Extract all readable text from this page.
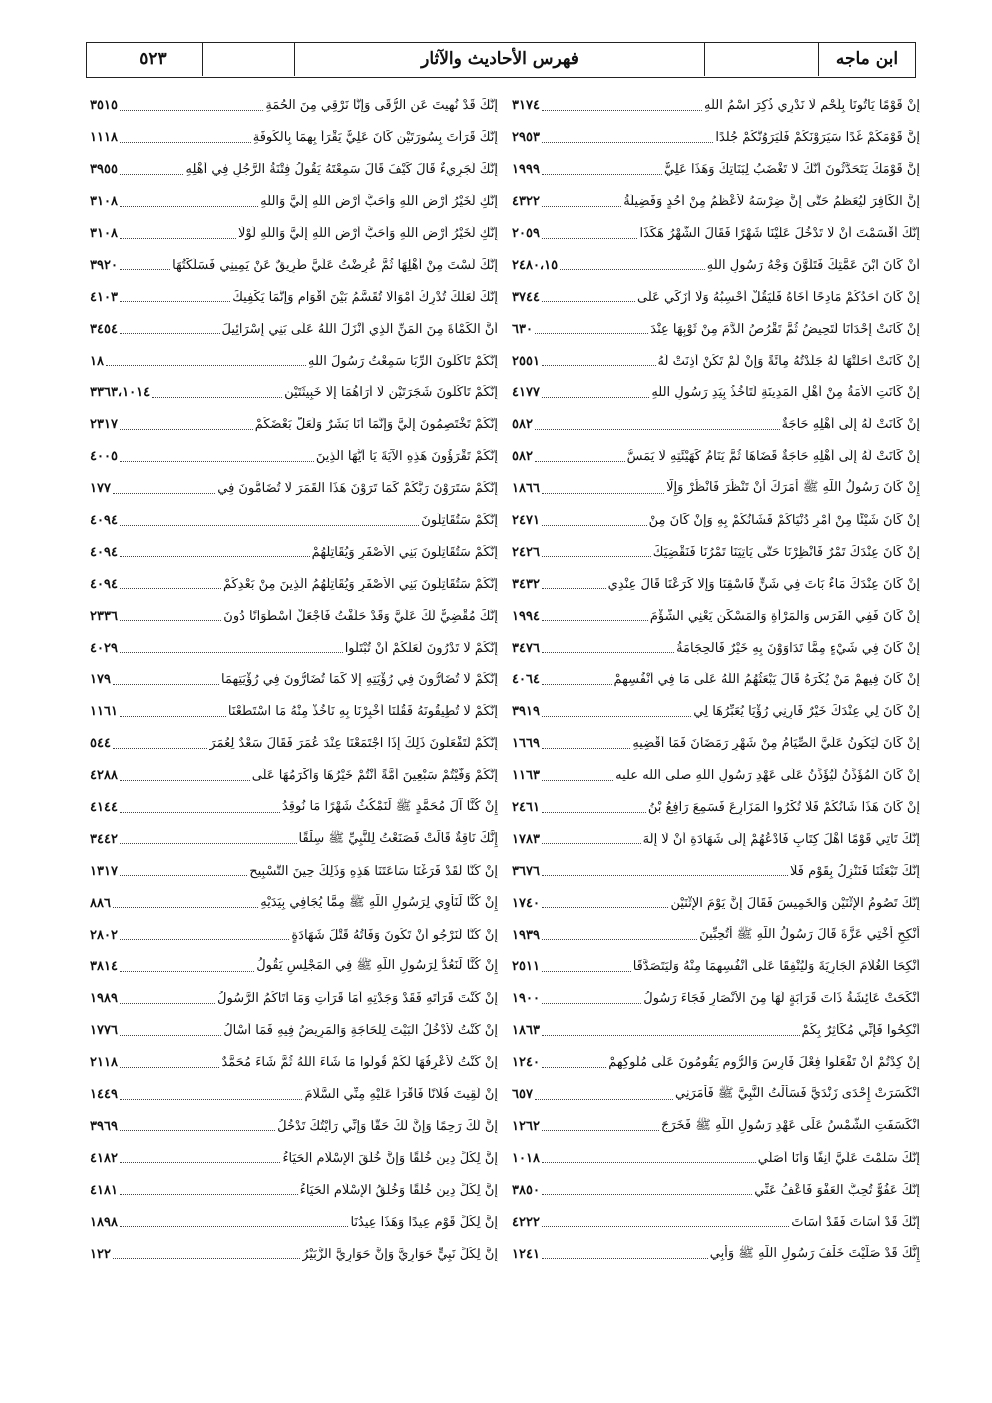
ابن ماجه
فهرس الأحاديث والآثار
٥٢٣
إِنْ قَوْمًا يَأْتُونَا بِلَحْمٍ لَا نَدْرِي ذُكِرَ اسْمُ اللَّهِ
٣١٧٤
إِنَّ قَوْمَكُمْ غَدًا سَيَرَوْنَكُمْ فَلَيَرَوُنَّكُمْ جُلْدًا
٢٩٥٣
إِنَّ قَوْمَكَ يَتَحَدَّثُونَ أَنَّكَ لَا تَغْضَبُ لِبَنَاتِكَ وَهَذَا عَلِيٌّ
١٩٩٩
إِنَّ الكَافِرَ لَيُعَظَّمُ حَتَّى إِنَّ ضِرْسَهُ لَأَعْظَمُ مِنْ أُحُدٍ وَفَضِيلَةُ
٤٣٢٢
إِنَّكَ أَقْسَمْتَ أَنْ لَا تَدْخُلَ عَلَيْنَا شَهْرًا فَقَالَ الشَّهْرُ هَكَذَا
٢٠٥٩
أَنْ كَانَ ابْنَ عَمَّتِكَ فَتَلَوَّنَ وَجْهُ رَسُولِ اللَّهِ
٢٤٨٠،١٥
إِنْ كَانَ أَحَدُكُمْ مَادِحًا أَخَاهُ فَلْيَقُلْ أَحْسِبُهُ وَلَا أُزَكِّي عَلَى
٣٧٤٤
إِنْ كَانَتْ إِحْدَانَا لَتَحِيضُ ثُمَّ تَقْرُصُ الدَّمَ مِنْ ثَوْبِهَا عِنْدَ
٦٣٠
إِنْ كَانَتْ أَحَلَّتْهَا لَهُ جَلَدْتُهُ مِائَةً وَإِنْ لَمْ تَكُنْ أَذِنَتْ لَهُ
٢٥٥١
إِنْ كَانَتِ الأَمَةُ مِنْ أَهْلِ المَدِينَةِ لَتَأْخُذُ بِيَدِ رَسُولِ اللَّهِ
٤١٧٧
إِنْ كَانَتْ لَهُ إِلَى أَهْلِهِ حَاجَةٌ
٥٨٢
إِنْ كَانَتْ لَهُ إِلَى أَهْلِهِ حَاجَةٌ قَضَاهَا ثُمَّ يَنَامُ كَهَيْئَتِهِ لَا يَمَسُّ
٥٨٢
إِنْ كَانَ رَسُولُ اللَّهِ ﷺ أَمَرَكَ أَنْ تَنْظُرَ فَانْظُرْ وَإِلَّا
١٨٦٦
إِنْ كَانَ شَيْئًا مِنْ أَمْرِ دُنْيَاكُمْ فَشَأْنُكُمْ بِهِ وَإِنْ كَانَ مِنْ
٢٤٧١
إِنْ كَانَ عِنْدَكَ تَمْرٌ فَأَنْظِرْنَا حَتَّى يَأْتِيَنَا تَمْرُنَا فَنَقْضِيَكَ
٢٤٢٦
إِنْ كَانَ عِنْدَكَ مَاءٌ بَاتَ فِي شَنٍّ فَاسْقِنَا وَإِلَّا كَرَعْنَا قَالَ عِنْدِي
٣٤٣٢
إِنْ كَانَ فَفِي الفَرَسِ وَالمَرْأَةِ وَالمَسْكَنِ يَعْنِي الشُّؤْمَ
١٩٩٤
إِنْ كَانَ فِي شَيْءٍ مِمَّا تَدَاوَوْنَ بِهِ خَيْرٌ فَالحِجَامَةُ
٣٤٧٦
إِنْ كَانَ فِيهِمْ مَنْ يُكْرَهُ قَالَ يَبْعَثُهُمُ اللَّهُ عَلَى مَا فِي أَنْفُسِهِمْ
٤٠٦٤
إِنْ كَانَ لِي عِنْدَكَ خَيْرٌ فَأَرِنِي رُؤْيَا يُعَبِّرُهَا لِي
٣٩١٩
إِنْ كَانَ لَيَكُونُ عَلَيَّ الصِّيَامُ مِنْ شَهْرِ رَمَضَانَ فَمَا أَقْضِيهِ
١٦٦٩
إِنْ كَانَ المُؤَذِّنُ لَيُؤَذِّنُ عَلَى عَهْدِ رَسُولِ اللَّهِ صلى الله عليه
١١٦٣
إِنْ كَانَ هَذَا شَأْنُكُمْ فَلَا تُكْرُوا المَزَارِعَ فَسَمِعَ رَافِعُ بْنُ
٢٤٦١
إِنَّكَ تَأْتِي قَوْمًا أَهْلَ كِتَابٍ فَادْعُهُمْ إِلَى شَهَادَةِ أَنْ لَا إِلَهَ
١٧٨٣
إِنَّكَ تَبْعَثُنَا فَنَنْزِلُ بِقَوْمٍ فَلَا
٣٦٧٦
إِنَّكَ تَصُومُ الإِثْنَيْنِ وَالخَمِيسَ فَقَالَ إِنَّ يَوْمَ الإِثْنَيْنِ
١٧٤٠
أَنْكِحِ أُخْتِي عَزَّةَ قَالَ رَسُولُ اللَّهِ ﷺ أَتُحِبِّينَ
١٩٣٩
أَنْكِحَا الغُلَامَ الجَارِيَةَ وَلْيُنْفِقَا عَلَى أَنْفُسِهِمَا مِنْهُ وَلْيَتَصَدَّقَا
٢٥١١
أَنْكَحَتْ عَائِشَةُ ذَاتَ قَرَابَةٍ لَهَا مِنَ الأَنْصَارِ فَجَاءَ رَسُولُ
١٩٠٠
أَنْكِحُوا فَإِنِّي مُكَاثِرٌ بِكُمْ
١٨٦٣
إِنْ كِدْتُمْ أَنْ تَفْعَلُوا فِعْلَ فَارِسَ وَالرُّومِ يَقُومُونَ عَلَى مُلُوكِهِمْ
١٢٤٠
انْكَسَرَتْ إِحْدَى زَنْدَيَّ فَسَأَلْتُ النَّبِيَّ ﷺ فَأَمَرَنِي
٦٥٧
انْكَسَفَتِ الشَّمْسُ عَلَى عَهْدِ رَسُولِ اللَّهِ ﷺ فَخَرَجَ
١٢٦٢
إِنَّكَ سَلَّمْتَ عَلَيَّ آنِفًا وَأَنَا أُصَلِّي
١٠١٨
إِنَّكَ عَفُوٌّ تُحِبُّ العَفْوَ فَاعْفُ عَنِّي
٣٨٥٠
إِنَّكَ قَدْ أَسَأْتَ فَقَدْ أَسَأْتَ
٤٢٢٢
إِنَّكَ قَدْ صَلَّيْتَ خَلْفَ رَسُولِ اللَّهِ ﷺ وَأَبِي
١٢٤١
إِنَّكَ قَدْ نُهِيتَ عَنِ الرُّقَى وَإِنَّا نَرْقِي مِنَ الحُمَةِ
٣٥١٥
إِنَّكَ قَرَأْتَ بِسُورَتَيْنِ كَانَ عَلِيٌّ يَقْرَأُ بِهِمَا بِالكُوفَةِ
١١١٨
إِنَّكَ لَجَرِيءٌ قَالَ كَيْفَ قَالَ سَمِعْتَهُ يَقُولُ فِتْنَةُ الرَّجُلِ فِي أَهْلِهِ
٣٩٥٥
إِنَّكِ لَخَيْرُ أَرْضِ اللَّهِ وَأَحَبُّ أَرْضِ اللَّهِ إِلَيَّ وَاللَّهِ
٣١٠٨
إِنَّكِ لَخَيْرُ أَرْضِ اللَّهِ وَأَحَبُّ أَرْضِ اللَّهِ إِلَيَّ وَاللَّهِ لَوْلَا
٣١٠٨
إِنَّكَ لَسْتَ مِنْ أَهْلِهَا ثُمَّ عُرِضْتُ عَلَيَّ طَرِيقٌ عَنْ يَمِينِي فَسَلَكْتُهَا
٣٩٢٠
إِنَّكَ لَعَلَّكَ تُدْرِكُ أَمْوَالًا تُقَسَّمُ بَيْنَ أَقْوَامٍ وَإِنَّمَا يَكْفِيكَ
٤١٠٣
أَنَّ الكَمْأَةَ مِنَ المَنِّ الَّذِي أَنْزَلَ اللَّهُ عَلَى بَنِي إِسْرَائِيلَ
٣٤٥٤
إِنَّكُمْ تَأْكُلُونَ الرِّبَا سَمِعْتُ رَسُولَ اللَّهِ
١٨
إِنَّكُمْ تَأْكُلُونَ شَجَرَتَيْنِ لَا أُرَاهُمَا إِلَّا خَبِيثَتَيْنِ
٣٣٦٣،١٠١٤
إِنَّكُمْ تَخْتَصِمُونَ إِلَيَّ وَإِنَّمَا أَنَا بَشَرٌ وَلَعَلَّ بَعْضَكُمْ
٢٣١٧
إِنَّكُمْ تَقْرَؤُونَ هَذِهِ الآيَةَ يَا أَيُّهَا الَّذِينَ
٤٠٠٥
إِنَّكُمْ سَتَرَوْنَ رَبَّكُمْ كَمَا تَرَوْنَ هَذَا القَمَرَ لَا تُضَامُّونَ فِي
١٧٧
إِنَّكُمْ سَتُقَاتِلُونَ
٤٠٩٤
إِنَّكُمْ سَتُقَاتِلُونَ بَنِي الأَصْفَرِ وَيُقَاتِلُهُمْ
٤٠٩٤
إِنَّكُمْ سَتُقَاتِلُونَ بَنِي الأَصْفَرِ وَيُقَاتِلُهُمُ الَّذِينَ مِنْ بَعْدِكُمْ
٤٠٩٤
إِنَّكَ مُقْضِيٌّ لَكَ عَلَيَّ وَقَدْ حَلَفْتُ فَاجْعَلْ أَسْطُوَانًا دُونَ
٢٣٣٦
إِنَّكُمْ لَا تَدْرُونَ لَعَلَّكُمْ أَنْ تُبْتَلُوا
٤٠٢٩
إِنَّكُمْ لَا تُضَارُّونَ فِي رُؤْيَتِهِ إِلَّا كَمَا تُضَارُّونَ فِي رُؤْيَتِهِمَا
١٧٩
إِنَّكُمْ لَا تُطِيقُونَهُ فَقُلْنَا أَخْبِرْنَا بِهِ نَأْخُذْ مِنْهُ مَا اسْتَطَعْنَا
١١٦١
إِنَّكُمْ لَتَفْعَلُونَ ذَلِكَ إِذَا اجْتَمَعْنَا عِنْدَ عُمَرَ فَقَالَ سَعْدٌ لِعُمَرَ
٥٤٤
إِنَّكُمْ وَفَّيْتُمْ سَبْعِينَ أُمَّةً أَنْتُمْ خَيْرُهَا وَأَكْرَمُهَا عَلَى
٤٢٨٨
إِنْ كُنَّا آلَ مُحَمَّدٍ ﷺ لَنَمْكُثُ شَهْرًا مَا نُوقِدُ
٤١٤٤
إِنَّكَ نَاقِةٌ قَالَتْ فَصَنَعْتُ لِلنَّبِيِّ ﷺ سِلْقًا
٣٤٤٢
إِنْ كُنَّا لَقَدْ فَرَغْنَا سَاعَتَنَا هَذِهِ وَذَلِكَ حِينَ التَّسْبِيحِ
١٣١٧
إِنْ كُنَّا لَنَأْوِي لِرَسُولِ اللَّهِ ﷺ مِمَّا يُجَافِي بِيَدَيْهِ
٨٨٦
إِنْ كُنَّا لَنَرْجُو أَنْ تَكُونَ وَفَاتُهُ قَتْلَ شَهَادَةٍ
٢٨٠٢
إِنْ كُنَّا لَنَعُدُّ لِرَسُولِ اللَّهِ ﷺ فِي المَجْلِسِ يَقُولُ
٣٨١٤
إِنْ كُنْتَ قَرَأْتَهِ فَقَدْ وَجَدْتِهِ أَمَا قَرَأْتِ وَمَا آتَاكُمُ الرَّسُولُ
١٩٨٩
إِنْ كُنْتُ لَأَدْخُلُ البَيْتَ لِلْحَاجَةِ وَالمَرِيضُ فِيهِ فَمَا أَسْأَلُ
١٧٧٦
إِنْ كُنْتُ لَأَعْرِفُهَا لَكُمْ قُولُوا مَا شَاءَ اللَّهُ ثُمَّ شَاءَ مُحَمَّدٌ
٢١١٨
إِنْ لَقِيتَ فُلَانًا فَاقْرَأْ عَلَيْهِ مِنِّي السَّلَامَ
١٤٤٩
إِنَّ لَكَ رَحِمًا وَإِنَّ لَكَ حَقًّا وَإِنِّي رَأَيْتُكَ تَدْخُلُ
٣٩٦٩
إِنَّ لِكُلِّ دِينٍ خُلُقًا وَإِنَّ خُلُقَ الإِسْلَامِ الحَيَاءُ
٤١٨٢
إِنَّ لِكُلِّ دِينٍ خُلُقًا وَخُلُقُ الإِسْلَامِ الحَيَاءُ
٤١٨١
إِنَّ لِكُلِّ قَوْمٍ عِيدًا وَهَذَا عِيدُنَا
١٨٩٨
إِنَّ لِكُلِّ نَبِيٍّ حَوَارِيَّ وَإِنَّ حَوَارِيَّ الزُّبَيْرُ
١٢٢
